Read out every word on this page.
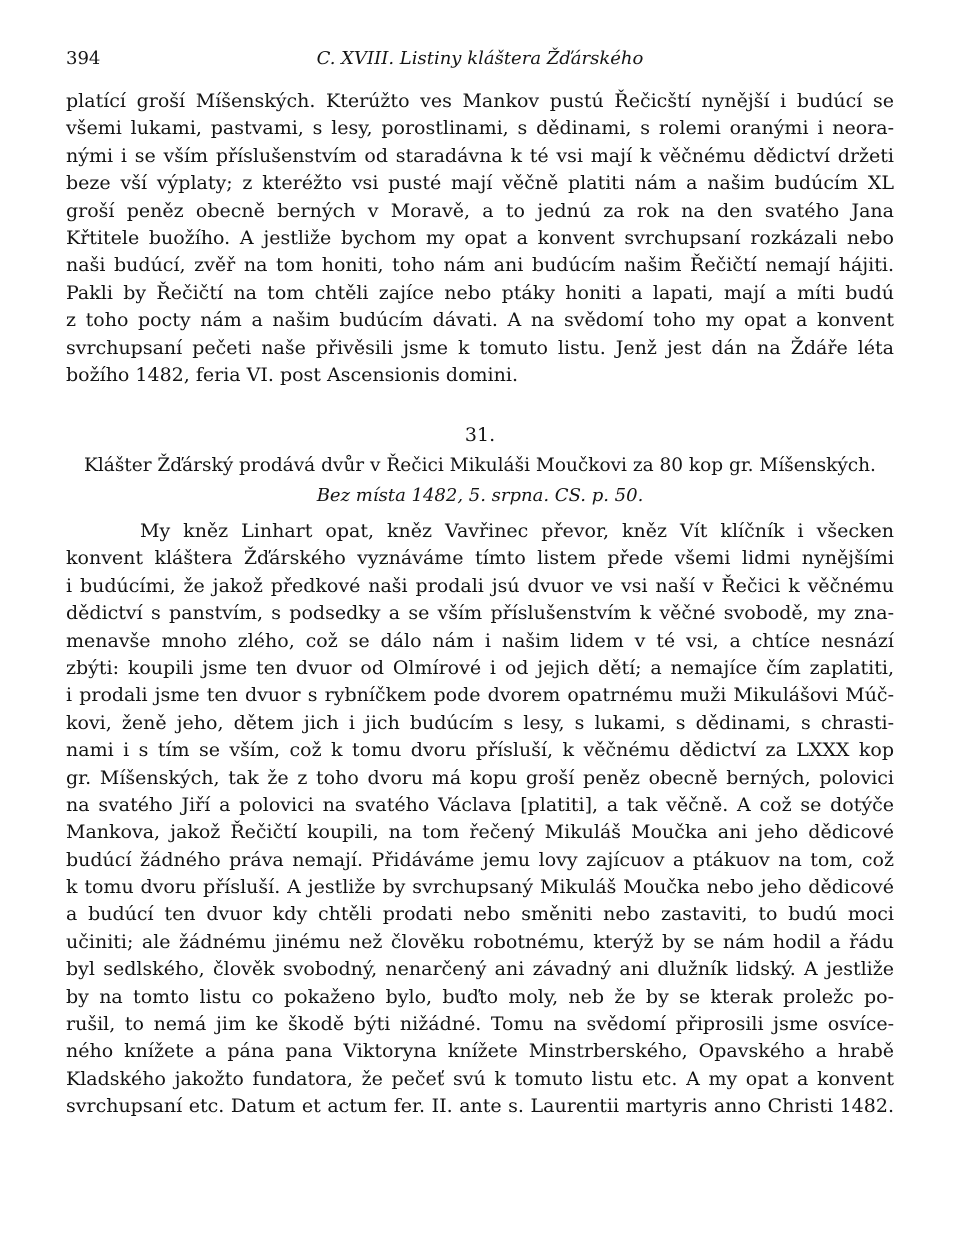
394	C. XVIII. Listiny kláštera Žďárského
platící groší Míšenských. Kterúžto ves Mankov pustú Řečicští nynější i budúcí se
všemi lukami, pastvami, s lesy, porostlinami, s dědinami, s rolemi oranými i neora-
nými i se vším příslušenstvím od staradávna k té vsi mají k věčnému dědictví držeti
beze vší výplaty; z kteréžto vsi pusté mají věčně platiti nám a našim budúcím XL
groší peněz obecně berných v Moravě, a to jednú za rok na den svatého Jana
Křtitele buožího. A jestliže bychom my opat a konvent svrchupsaní rozkázali nebo
naši budúcí, zvěř na tom honiti, toho nám ani budúcím našim Řečičtí nemají hájiti.
Pakli by Řečičtí na tom chtěli zajíce nebo ptáky honiti a lapati, mají a míti budú
z toho pocty nám a našim budúcím dávati. A na svědomí toho my opat a konvent
svrchupsaní pečeti naše přivěsili jsme k tomuto listu. Jenž jest dán na Ždáře léta
božího 1482, feria VI. post Ascensionis domini.
31.
Klášter Žďárský prodává dvůr v Řečici Mikuláši Moučkovi za 80 kop gr. Míšenských.
Bez místa 1482, 5. srpna. CS. p. 50.
My kněz Linhart opat, kněz Vavřinec převor, kněz Vít klíčník i všecken
konvent kláštera Žďárského vyznáváme tímto listem přede všemi lidmi nynějšími
i budúcími, že jakož předkové naši prodali jsú dvuor ve vsi naší v Řečici k věčnému
dědictví s panstvím, s podsedky a se vším příslušenstvím k věčné svobodě, my zna-
menavše mnoho zlého, což se dálo nám i našim lidem v té vsi, a chtíce nesnází
zbýti: koupili jsme ten dvuor od Olmírové i od jejich dětí; a nemajíce čím zaplatiti,
i prodali jsme ten dvuor s rybníčkem pode dvorem opatrnému muži Mikulášovi Múč-
kovi, ženě jeho, dětem jich i jich budúcím s lesy, s lukami, s dědinami, s chrasti-
nami i s tím se vším, což k tomu dvoru přísluší, k věčnému dědictví za LXXX kop
gr. Míšenských, tak že z toho dvoru má kopu groší peněz obecně berných, polovici
na svatého Jiří a polovici na svatého Václava [platiti], a tak věčně. A což se dotýče
Mankova, jakož Řečičtí koupili, na tom řečený Mikuláš Moučka ani jeho dědicové
budúcí žádného práva nemají. Přidáváme jemu lovy zajícuov a ptákuov na tom, což
k tomu dvoru přísluší. A jestliže by svrchupsaný Mikuláš Moučka nebo jeho dědicové
a budúcí ten dvuor kdy chtěli prodati nebo směniti nebo zastaviti, to budú moci
učiniti; ale žádnému jinému než člověku robotnému, kterýž by se nám hodil a řádu
byl sedlského, člověk svobodný, nenarčený ani závadný ani dlužník lidský. A jestliže
by na tomto listu co pokaženo bylo, buďto moly, neb že by se kterak proležc po-
rušil, to nemá jim ke škodě býti nižádné. Tomu na svědomí připrosili jsme osvíce-
ného knížete a pána pana Viktoryna knížete Minstrberského, Opavského a hrabě
Kladského jakožto fundatora, že pečeť svú k tomuto listu etc. A my opat a konvent
svrchupsaní etc. Datum et actum fer. II. ante s. Laurentii martyris anno Christi 1482.
